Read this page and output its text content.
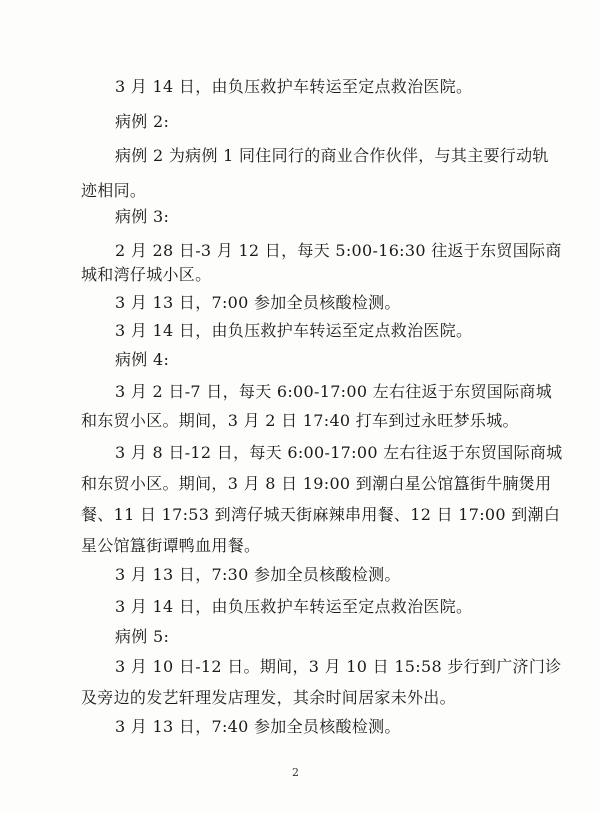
3 月 14 日，由负压救护车转运至定点救治医院。
病例 2:
病例 2 为病例 1 同住同行的商业合作伙伴，与其主要行动轨
迹相同。
病例 3:
2 月 28 日-3 月 12 日，每天 5:00-16:30 往返于东贸国际商
城和湾仔城小区。
3 月 13 日，7:00 参加全员核酸检测。
3 月 14 日，由负压救护车转运至定点救治医院。
病例 4:
3 月 2 日-7 日，每天 6:00-17:00 左右往返于东贸国际商城
和东贸小区。期间，3 月 2 日 17:40 打车到过永旺梦乐城。
3 月 8 日-12 日，每天 6:00-17:00 左右往返于东贸国际商城
和东贸小区。期间，3 月 8 日 19:00 到潮白星公馆簋街牛腩煲用
餐、11 日 17:53 到湾仔城天街麻辣串用餐、12 日 17:00 到潮白
星公馆簋街谭鸭血用餐。
3 月 13 日，7:30 参加全员核酸检测。
3 月 14 日，由负压救护车转运至定点救治医院。
病例 5:
3 月 10 日-12 日。期间，3 月 10 日 15:58 步行到广济门诊
及旁边的发艺轩理发店理发，其余时间居家未外出。
3 月 13 日，7:40 参加全员核酸检测。
2
